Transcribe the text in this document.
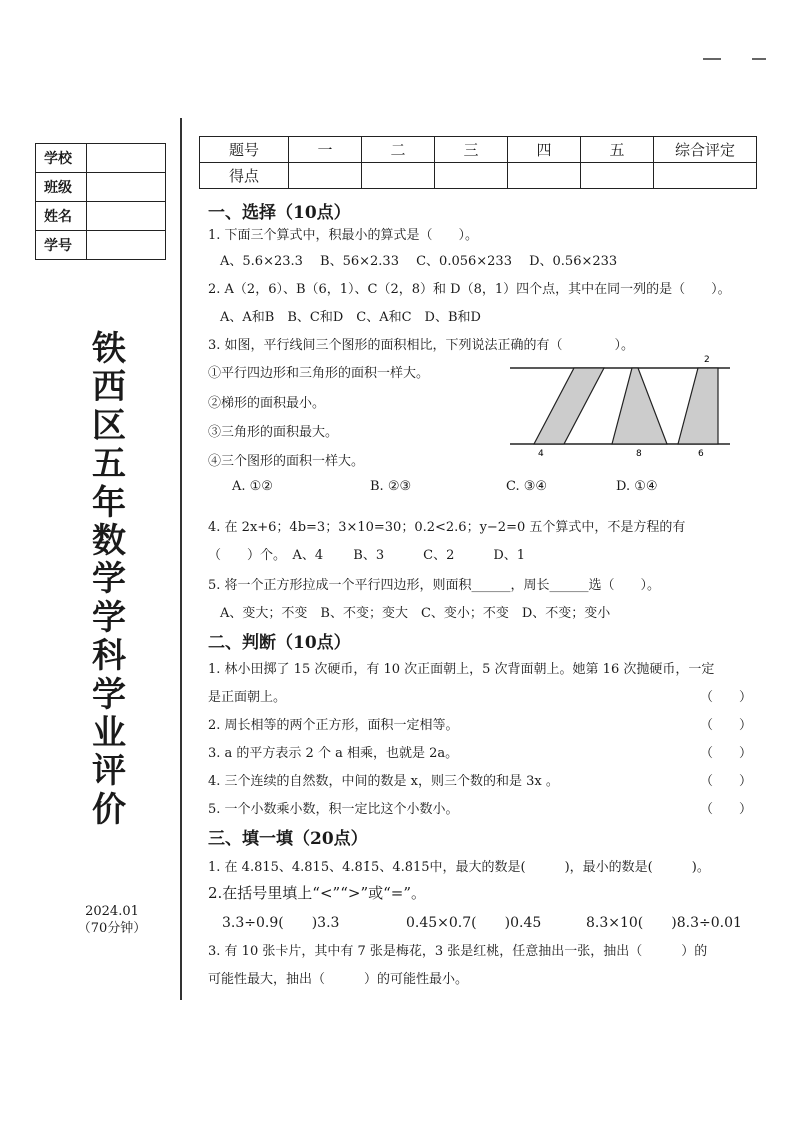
学校	
班级	
姓名	
学号	
铁
西
区
五
年
数
学
学
科
学
业
评
价
2024.01
（70分钟）
题号	一	二	三	四	五	综合评定
得点						
一、选择（10点）
1. 下面三个算式中，积最小的算式是（　　）。
A、5.6×23.3　 B、56×2.33　 C、0.056×233　 D、0.56×233
2. A（2，6）、B（6，1）、C（2，8）和 D（8，1）四个点，其中在同一列的是（　　）。
A、A和B　B、C和D　C、A和C　D、B和D
3. 如图，平行线间三个图形的面积相比，下列说法正确的有（　　　　）。
①平行四边形和三角形的面积一样大。
②梯形的面积最小。
③三角形的面积最大。
④三个图形的面积一样大。
A. ①②	B. ②③	C. ③④	D. ①④
2
4	8	6
4. 在 2x+6；4b=3；3×10=30；0.2<2.6；y−2=0 五个算式中，不是方程的有
（　　）个。　A、4　　 B、3　　　C、2　　　D、1
5. 将一个正方形拉成一个平行四边形，则面积______，周长______选（　　）。
A、变大；不变　B、不变；变大　C、变小；不变　D、不变；变小
二、判断（10点）
1. 林小田掷了 15 次硬币，有 10 次正面朝上，5 次背面朝上。她第 16 次抛硬币，一定
是正面朝上。	（　　）
2. 周长相等的两个正方形，面积一定相等。	（　　）
3. a 的平方表示 2 个 a 相乘，也就是 2a。	（　　）
4. 三个连续的自然数，中间的数是 x，则三个数的和是 3x 。	（　　）
5. 一个小数乘小数，积一定比这个小数小。	（　　）
三、填一填（20点）
1. 在 4.815、4.815̇、4.81̇5̇、4.8̇15̇中，最大的数是(　　　)，最小的数是(　　　)。
2.在括号里填上“<”“>”或“=”。
3.3÷0.9(　　)3.3	0.45×0.7(　　)0.45	8.3×10(　　)8.3÷0.01
3. 有 10 张卡片，其中有 7 张是梅花，3 张是红桃，任意抽出一张，抽出（　　　）的
可能性最大，抽出（　　　）的可能性最小。
